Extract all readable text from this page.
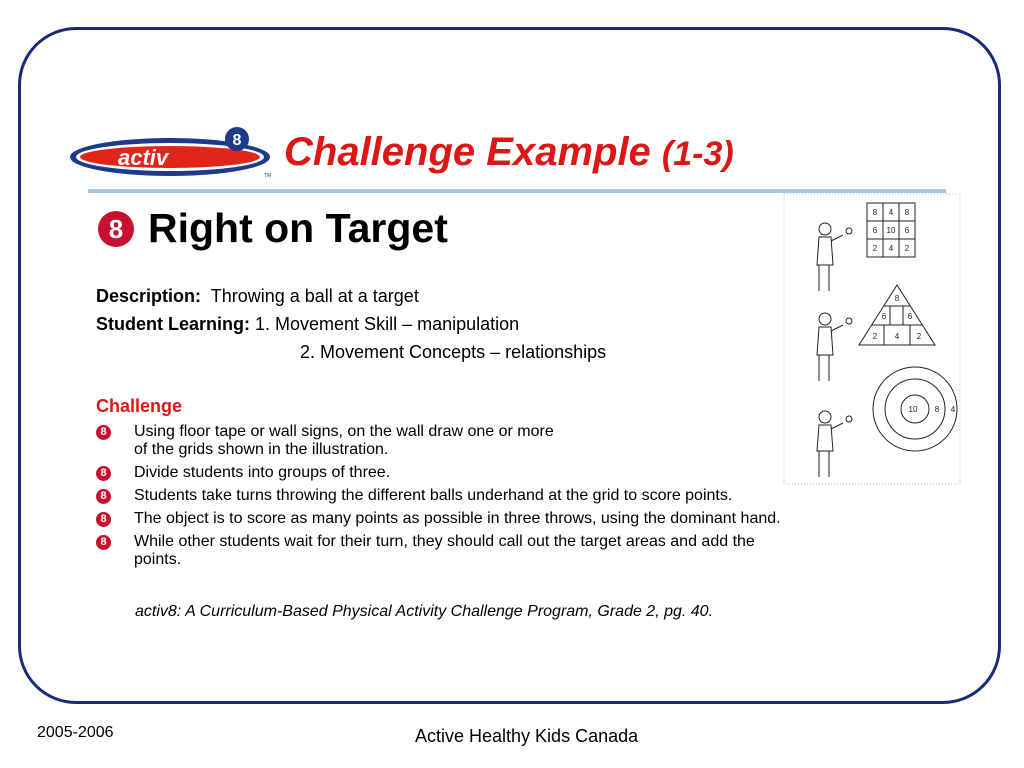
activ
8
TM
Challenge Example (1-3)
8 Right on Target
Description: Throwing a ball at a target
Student Learning: 1. Movement Skill – manipulation
2. Movement Concepts – relationships
Challenge
8 Using floor tape or wall signs, on the wall draw one or more
of the grids shown in the illustration.
8 Divide students into groups of three.
8 Students take turns throwing the different balls underhand at the grid to score points.
8 The object is to score as many points as possible in three throws, using the dominant hand.
8 While other students wait for their turn, they should call out the target areas and add the
points.

activ8: A Curriculum-Based Physical Activity Challenge Program, Grade 2, pg. 40.

8 4 8
6 10 6
2 4 2
8
6	6
2 4 2
10 8 4
2005-2006	Active Healthy Kids Canada
